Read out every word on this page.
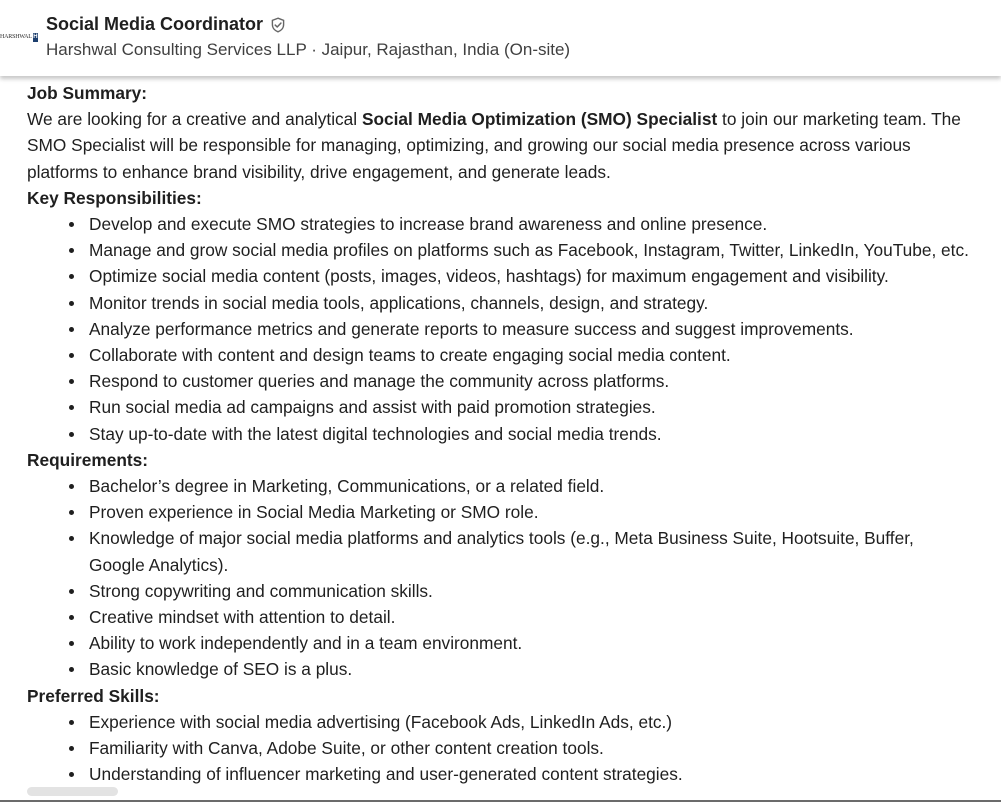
HARSHWAL H
Social Media Coordinator
Harshwal Consulting Services LLP · Jaipur, Rajasthan, India (On-site)

Job Summary:

We are looking for a creative and analytical Social Media Optimization (SMO) Specialist to join our marketing team. The SMO Specialist will be responsible for managing, optimizing, and growing our social media presence across various platforms to enhance brand visibility, drive engagement, and generate leads.

Key Responsibilities:

Develop and execute SMO strategies to increase brand awareness and online presence.
Manage and grow social media profiles on platforms such as Facebook, Instagram, Twitter, LinkedIn, YouTube, etc.
Optimize social media content (posts, images, videos, hashtags) for maximum engagement and visibility.
Monitor trends in social media tools, applications, channels, design, and strategy.
Analyze performance metrics and generate reports to measure success and suggest improvements.
Collaborate with content and design teams to create engaging social media content.
Respond to customer queries and manage the community across platforms.
Run social media ad campaigns and assist with paid promotion strategies.
Stay up-to-date with the latest digital technologies and social media trends.

Requirements:

Bachelor’s degree in Marketing, Communications, or a related field.
Proven experience in Social Media Marketing or SMO role.
Knowledge of major social media platforms and analytics tools (e.g., Meta Business Suite, Hootsuite, Buffer, Google Analytics).
Strong copywriting and communication skills.
Creative mindset with attention to detail.
Ability to work independently and in a team environment.
Basic knowledge of SEO is a plus.

Preferred Skills:

Experience with social media advertising (Facebook Ads, LinkedIn Ads, etc.)
Familiarity with Canva, Adobe Suite, or other content creation tools.
Understanding of influencer marketing and user-generated content strategies.
